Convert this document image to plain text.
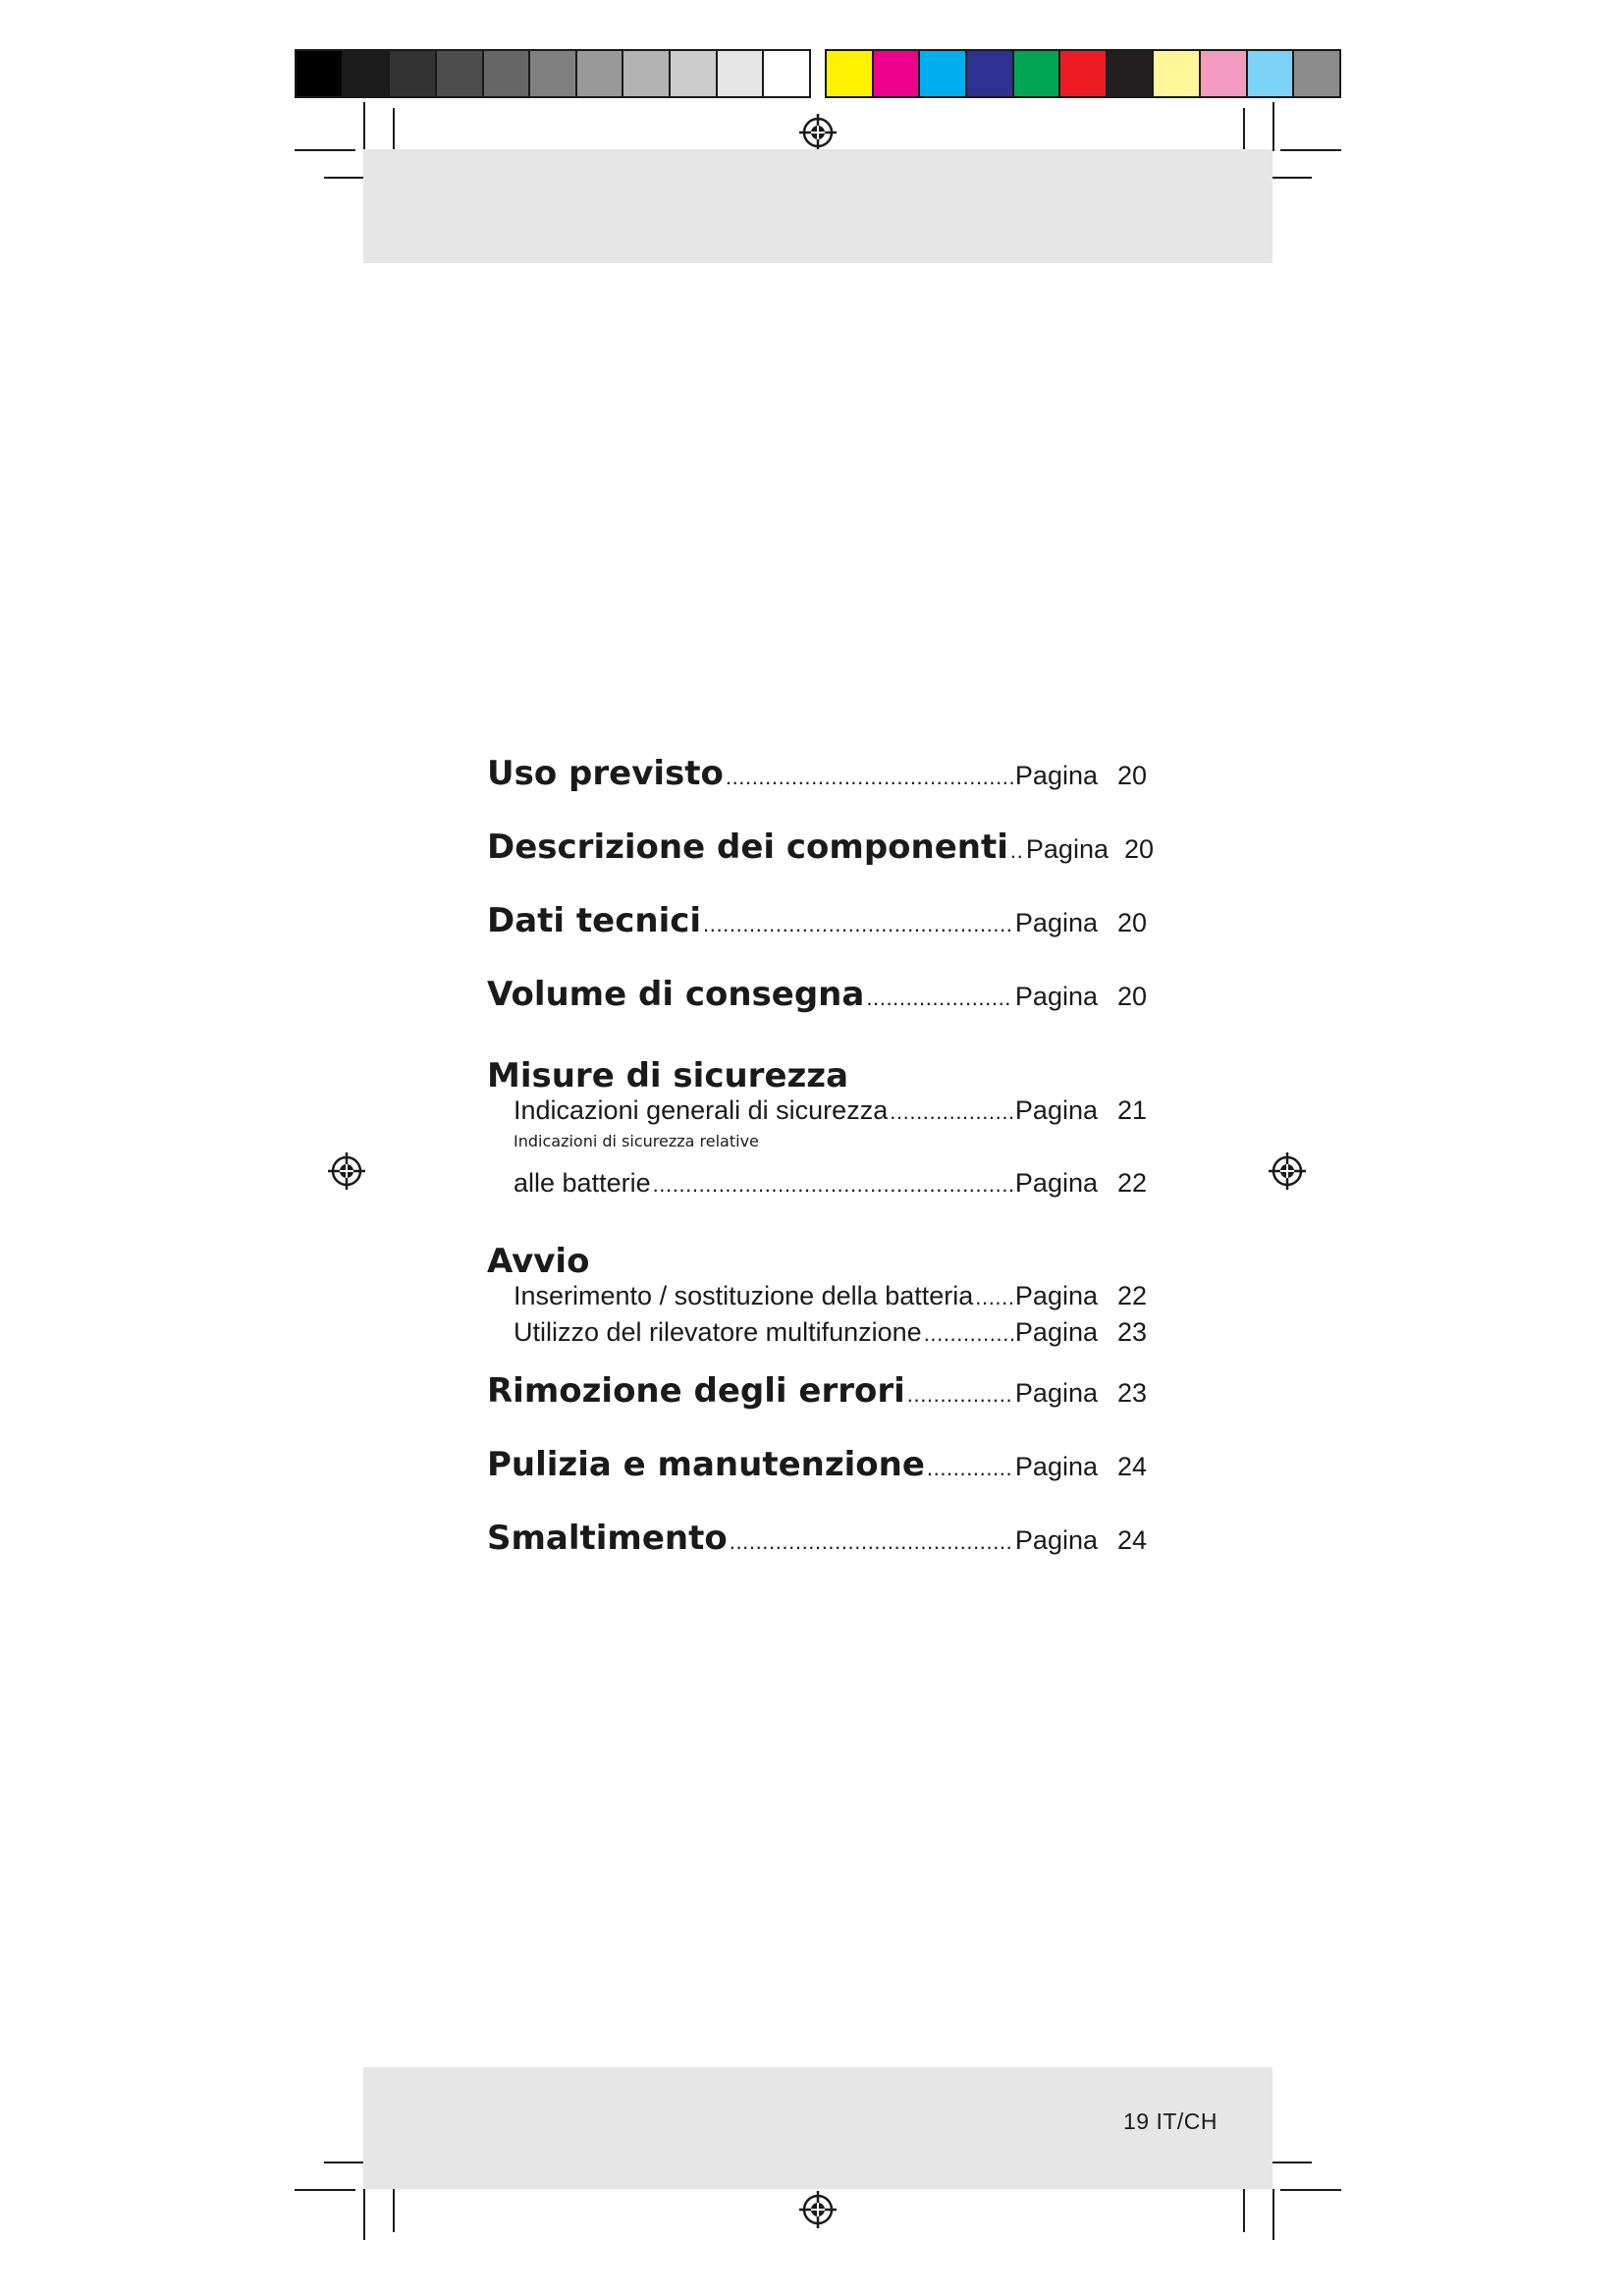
19 IT/CH
Uso previsto .....	Pagina 20
Descrizione dei componenti ..... Pagina 20
Dati tecnici .....	Pagina 20
Volume di consegna .....	Pagina 20
Misure di sicurezza
Indicazioni generali di sicurezza .....	Pagina 21
Indicazioni di sicurezza relative
alle batterie .....	Pagina 22
Avvio
Inserimento / sostituzione della batteria ..... Pagina 22
Utilizzo del rilevatore multifunzione .....	Pagina 23
Rimozione degli errori .....	Pagina 23
Pulizia e manutenzione .....	Pagina 24
Smaltimento .....	Pagina 24
